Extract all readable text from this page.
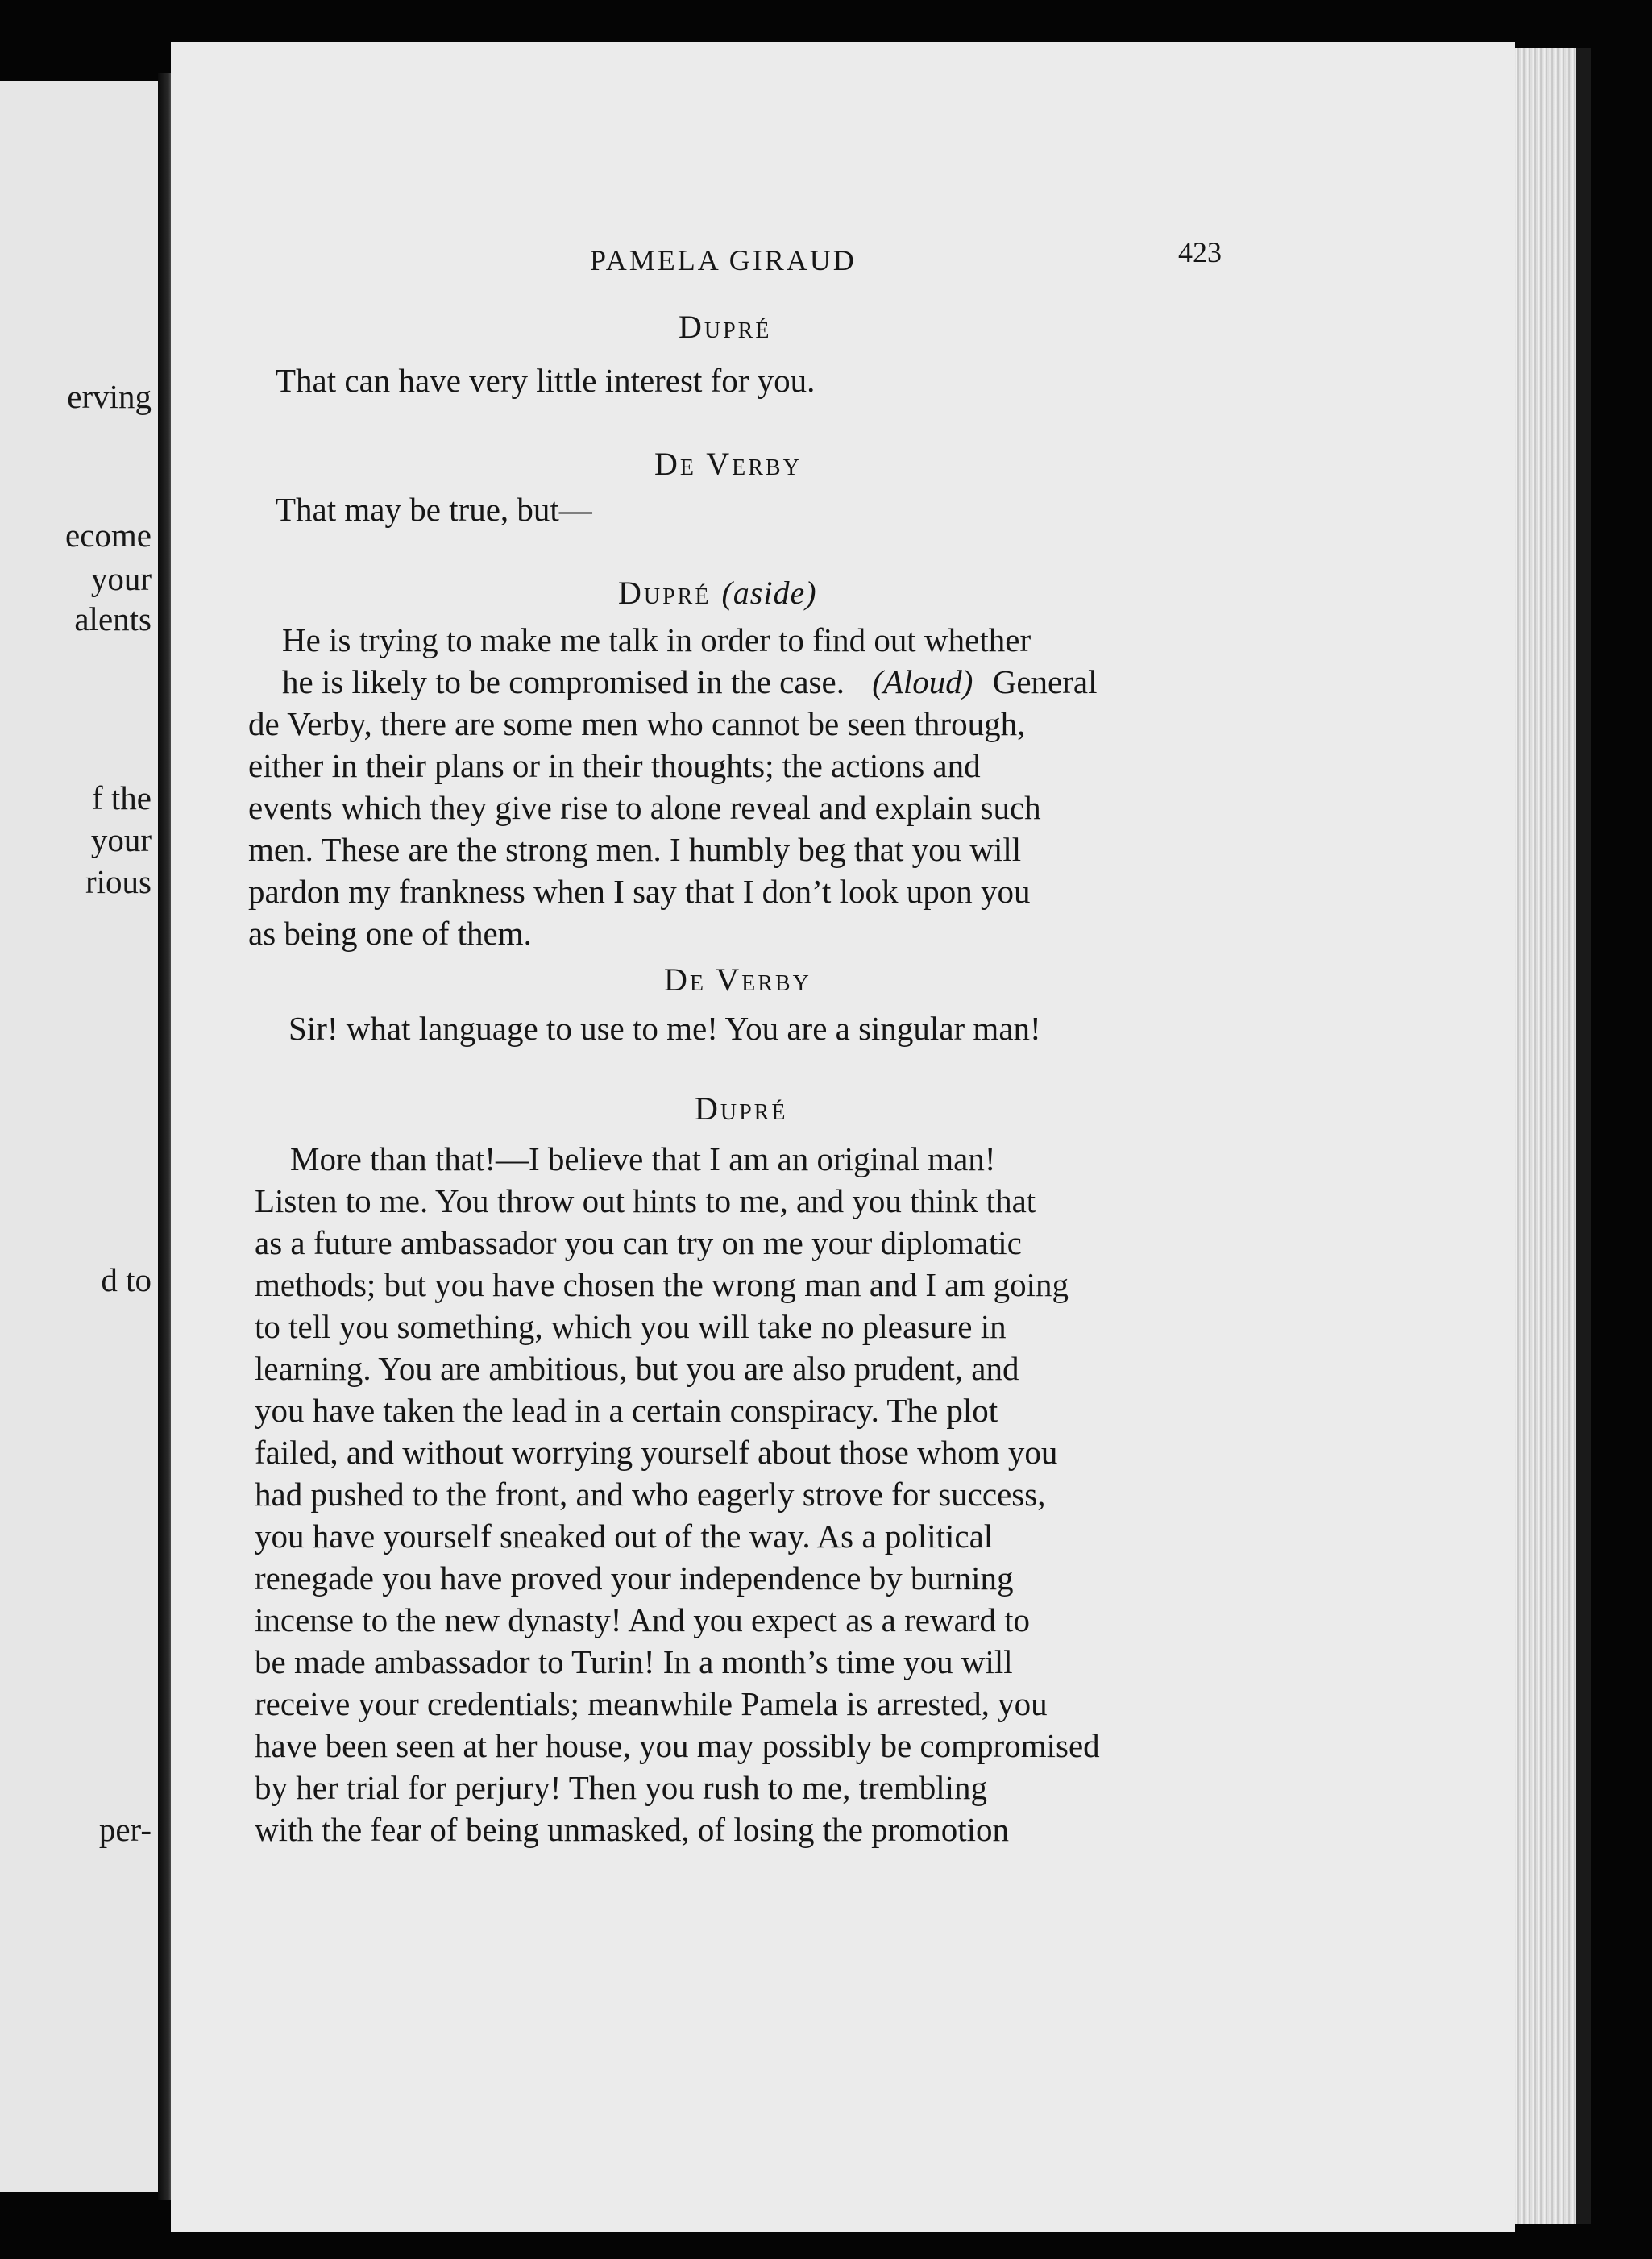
erving
ecome
your
alents
f the
your
rious
d to
per-
PAMELA GIRAUD	423
Dupré
That can have very little interest for you.
De Verby
That may be true, but—
Dupré (aside)
He is trying to make me talk in order to find out whether
he is likely to be compromised in the case. (Aloud) General
de Verby, there are some men who cannot be seen through,
either in their plans or in their thoughts; the actions and
events which they give rise to alone reveal and explain such
men. These are the strong men. I humbly beg that you will
pardon my frankness when I say that I don’t look upon you
as being one of them.
De Verby
Sir! what language to use to me! You are a singular man!
Dupré
More than that!—I believe that I am an original man!
Listen to me. You throw out hints to me, and you think that
as a future ambassador you can try on me your diplomatic
methods; but you have chosen the wrong man and I am going
to tell you something, which you will take no pleasure in
learning. You are ambitious, but you are also prudent, and
you have taken the lead in a certain conspiracy. The plot
failed, and without worrying yourself about those whom you
had pushed to the front, and who eagerly strove for success,
you have yourself sneaked out of the way. As a political
renegade you have proved your independence by burning
incense to the new dynasty! And you expect as a reward to
be made ambassador to Turin! In a month’s time you will
receive your credentials; meanwhile Pamela is arrested, you
have been seen at her house, you may possibly be compromised
by her trial for perjury! Then you rush to me, trembling
with the fear of being unmasked, of losing the promotion
